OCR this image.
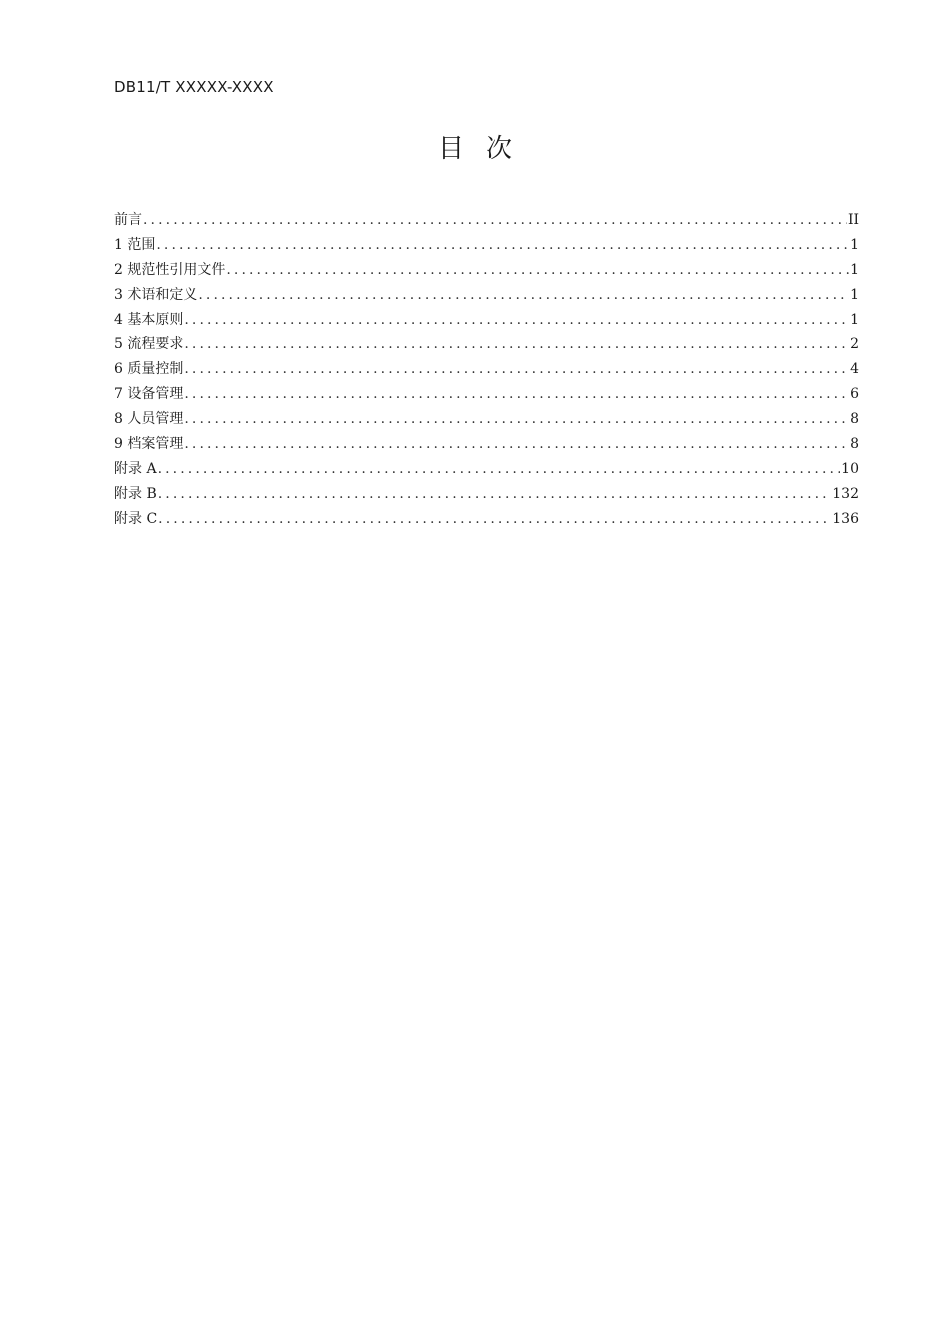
DB11/T XXXXX-XXXX
目次
前言 .....	II
1 范围 .....	1
2 规范性引用文件 .....	1
3 术语和定义 .....	1
4 基本原则 .....	1
5 流程要求 .....	2
6 质量控制 .....	4
7 设备管理 .....	6
8 人员管理 .....	8
9 档案管理 .....	8
附录 A .....	10
附录 B .....	132
附录 C .....	136
